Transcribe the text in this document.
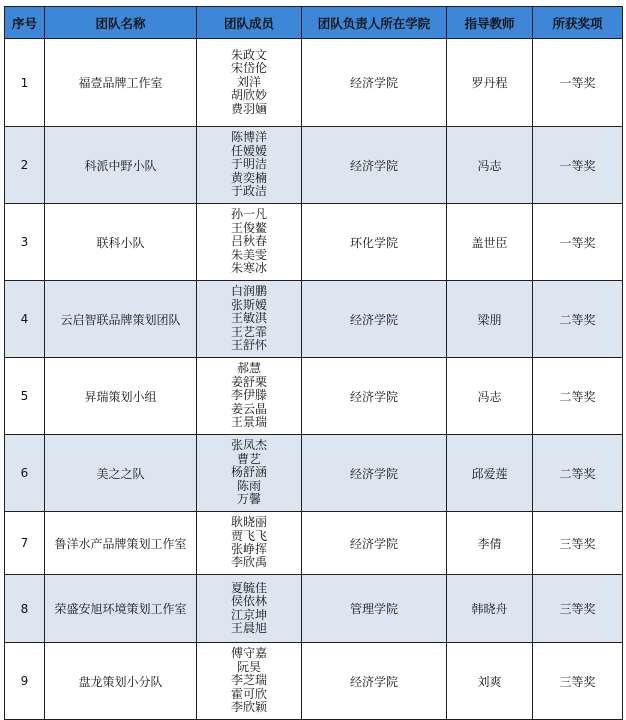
序号	团队名称	团队成员	团队负责人所在学院	指导教师	所获奖项
1	福壹品牌工作室	朱政文
宋岱伦
刘洋
胡欣妙
费羽婳	经济学院	罗丹程	一等奖
2	科派中野小队	陈博洋
任嫒嫒
于明洁
黄奕楠
于政洁	经济学院	冯志	一等奖
3	联科小队	孙一凡
王俊鳌
吕秋春
朱美雯
朱寒冰	环化学院	盖世臣	一等奖
4	云启智联品牌策划团队	白润鹏
张斯嫒
王敏淇
王艺霏
王舒怀	经济学院	梁朋	二等奖
5	昇瑞策划小组	郝慧
姜舒栗
李伊滕
姜云晶
王景瑞	经济学院	冯志	二等奖
6	美之之队	张凤杰
曹艺
杨舒涵
陈雨
万馨	经济学院	邱爱莲	二等奖
7	鲁洋水产品牌策划工作室	耿晓丽
贾飞飞
张峥挥
李欣禹	经济学院	李倩	三等奖
8	荣盛安旭环境策划工作室	夏毓佳
侯依林
江京坤
王晨旭	管理学院	韩晓舟	三等奖
9	盘龙策划小分队	傅守嘉
阮昊
李芝瑞
霍可欣
李欣颖	经济学院	刘爽	三等奖
